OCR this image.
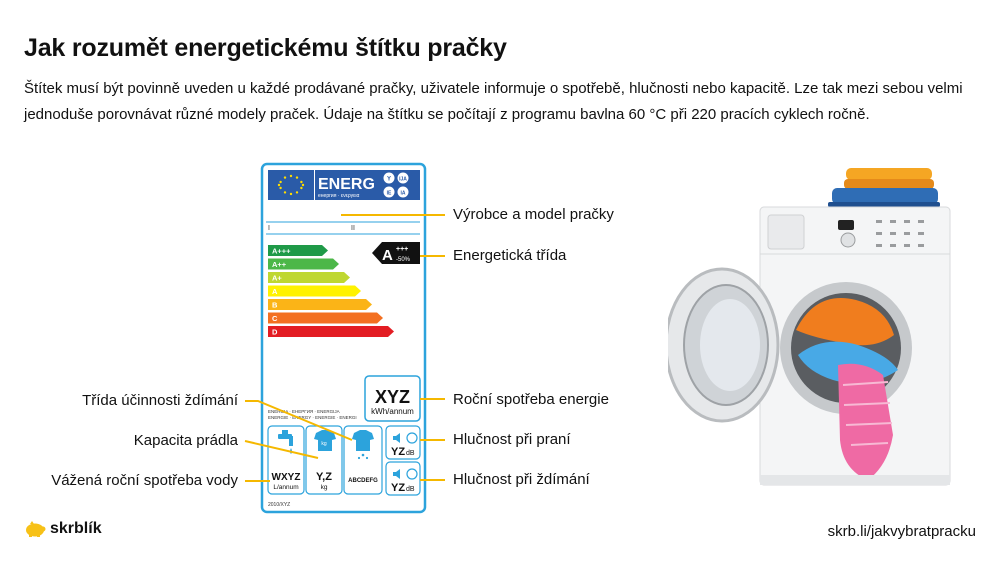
Jak rozumět energetickému štítku pračky

Štítek musí být povinně uveden u každé prodávané pračky, uživatele informuje o spotřebě, hlučnosti nebo kapacitě. Lze tak mezi sebou velmi jednoduše porovnávat různé modely praček. Údaje na štítku se počítají z programu bavlna 60 °C při 220 pracích cyklech ročně.

ENERG
енергия · ενεργεια
Y IJA
IE IA
I	II
A+++
A++
A+
A
B
C
D
A +++
-50%
XYZ
kWh/annum
ENERGIA · ЕНЕРГИЯ · ENERGIJA
ENERGIE · ENERGY · ENERGIE · ENERGI
WXYZ
L/annum
kg
Y,Z
kg
ABCDEFG
YZ dB
YZ dB
2010/XYZ
Výrobce a model pračky
Energetická třída
Roční spotřeba energie
Hlučnost při praní
Hlučnost při ždímání
Třída účinnosti ždímání
Kapacita prádla
Vážená roční spotřeba vody
skrblík	skrb.li/jakvybratpracku
